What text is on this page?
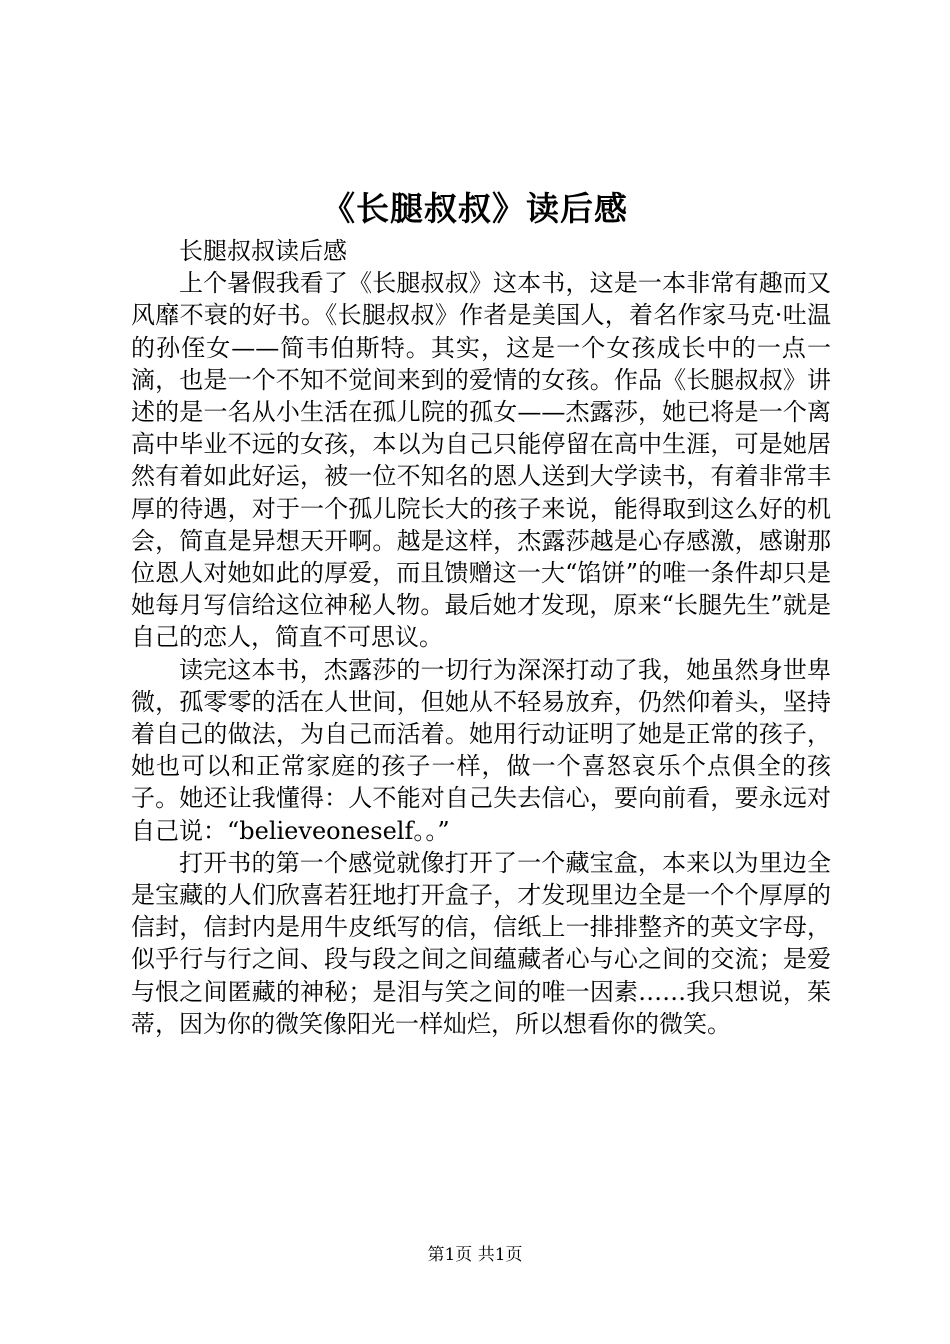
《长腿叔叔》读后感

长腿叔叔读后感

上个暑假我看了《长腿叔叔》这本书，这是一本非常有趣而又风靡不衰的好书。《长腿叔叔》作者是美国人，着名作家马克·吐温的孙侄女——简韦伯斯特。其实，这是一个女孩成长中的一点一滴，也是一个不知不觉间来到的爱情的女孩。作品《长腿叔叔》讲述的是一名从小生活在孤儿院的孤女——杰露莎，她已将是一个离高中毕业不远的女孩，本以为自己只能停留在高中生涯，可是她居然有着如此好运，被一位不知名的恩人送到大学读书，有着非常丰厚的待遇，对于一个孤儿院长大的孩子来说，能得取到这么好的机会，简直是异想天开啊。越是这样，杰露莎越是心存感激，感谢那位恩人对她如此的厚爱，而且馈赠这一大“馅饼”的唯一条件却只是她每月写信给这位神秘人物。最后她才发现，原来“长腿先生”就是自己的恋人，简直不可思议。

读完这本书，杰露莎的一切行为深深打动了我，她虽然身世卑微，孤零零的活在人世间，但她从不轻易放弃，仍然仰着头，坚持着自己的做法，为自己而活着。她用行动证明了她是正常的孩子，她也可以和正常家庭的孩子一样，做一个喜怒哀乐个点俱全的孩子。她还让我懂得：人不能对自己失去信心，要向前看，要永远对自己说：“believeoneself。。”

打开书的第一个感觉就像打开了一个藏宝盒，本来以为里边全是宝藏的人们欣喜若狂地打开盒子，才发现里边全是一个个厚厚的信封，信封内是用牛皮纸写的信，信纸上一排排整齐的英文字母，似乎行与行之间、段与段之间之间蕴藏者心与心之间的交流；是爱与恨之间匿藏的神秘；是泪与笑之间的唯一因素……我只想说，茱蒂，因为你的微笑像阳光一样灿烂，所以想看你的微笑。

第1页 共1页
